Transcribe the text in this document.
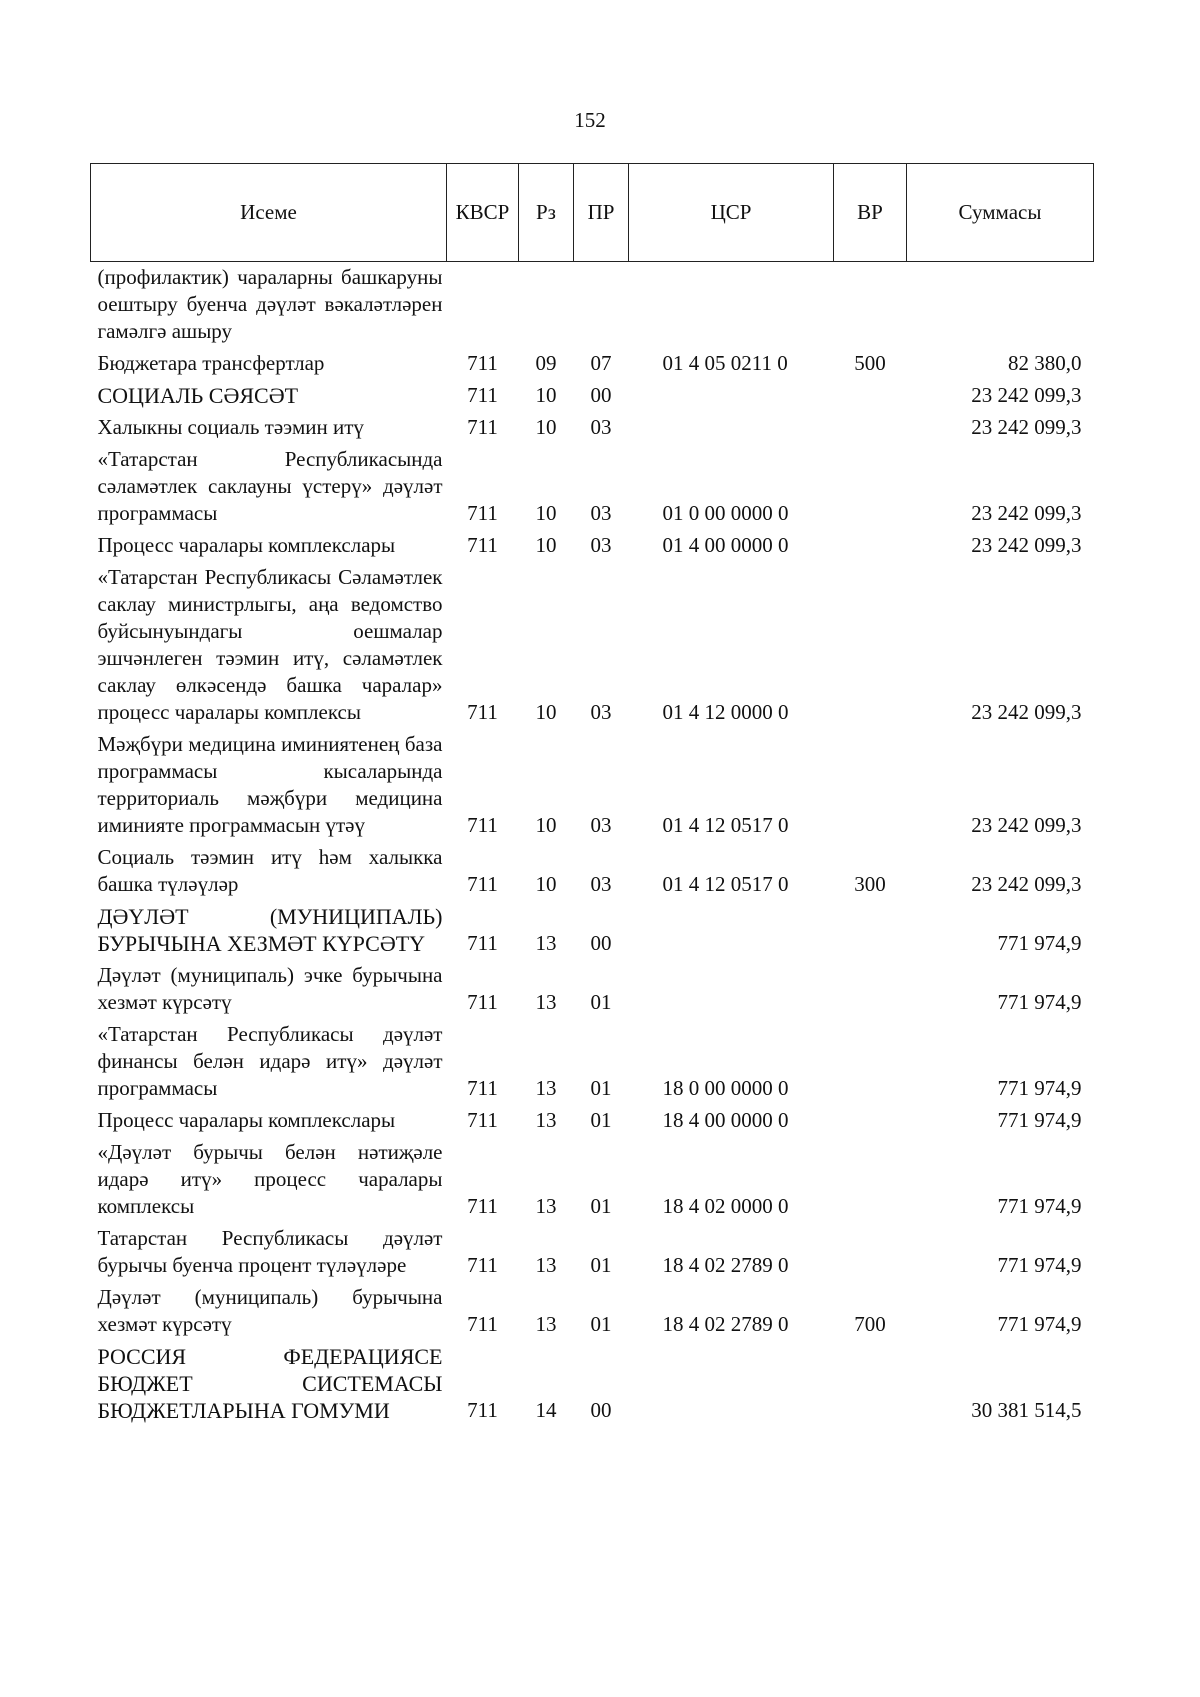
152
Исеме	КВСР	Рз	ПР	ЦСР	ВР	Суммасы
(профилактик) чараларны башкаруны оештыру буенча дәүләт вәкаләтләрен гамәлгә ашыру						
Бюджетара трансфертлар	711	09	07	01 4 05 0211 0	500	82 380,0
СОЦИАЛЬ СӘЯСӘТ	711	10	00			23 242 099,3
Халыкны социаль тәэмин итү	711	10	03			23 242 099,3
«Татарстан Республикасында сәламәтлек саклауны үстерү» дәүләт программасы	711	10	03	01 0 00 0000 0		23 242 099,3
Процесс чаралары комплекслары	711	10	03	01 4 00 0000 0		23 242 099,3
«Татарстан Республикасы Сәламәтлек саклау министрлыгы, аңа ведомство буйсынуындагы оешмалар эшчәнлеген тәэмин итү, сәламәтлек саклау өлкәсендә башка чаралар» процесс чаралары комплексы	711	10	03	01 4 12 0000 0		23 242 099,3
Мәҗбүри медицина иминиятенең база программасы кысаларында территориаль мәҗбүри медицина иминияте программасын үтәү	711	10	03	01 4 12 0517 0		23 242 099,3
Социаль тәэмин итү һәм халыкка башка түләүләр	711	10	03	01 4 12 0517 0	300	23 242 099,3
ДӘҮЛӘТ (МУНИЦИПАЛЬ) БУРЫЧЫНА ХЕЗМӘТ КҮРСӘТҮ	711	13	00			771 974,9
Дәүләт (муниципаль) эчке бурычына хезмәт күрсәтү	711	13	01			771 974,9
«Татарстан Республикасы дәүләт финансы белән идарә итү» дәүләт программасы	711	13	01	18 0 00 0000 0		771 974,9
Процесс чаралары комплекслары	711	13	01	18 4 00 0000 0		771 974,9
«Дәүләт бурычы белән нәтиҗәле идарә итү» процесс чаралары комплексы	711	13	01	18 4 02 0000 0		771 974,9
Татарстан Республикасы дәүләт бурычы буенча процент түләүләре	711	13	01	18 4 02 2789 0		771 974,9
Дәүләт (муниципаль) бурычына хезмәт күрсәтү	711	13	01	18 4 02 2789 0	700	771 974,9
РОССИЯ ФЕДЕРАЦИЯСЕ БЮДЖЕТ СИСТЕМАСЫ БЮДЖЕТЛАРЫНА ГОМУМИ	711	14	00			30 381 514,5
